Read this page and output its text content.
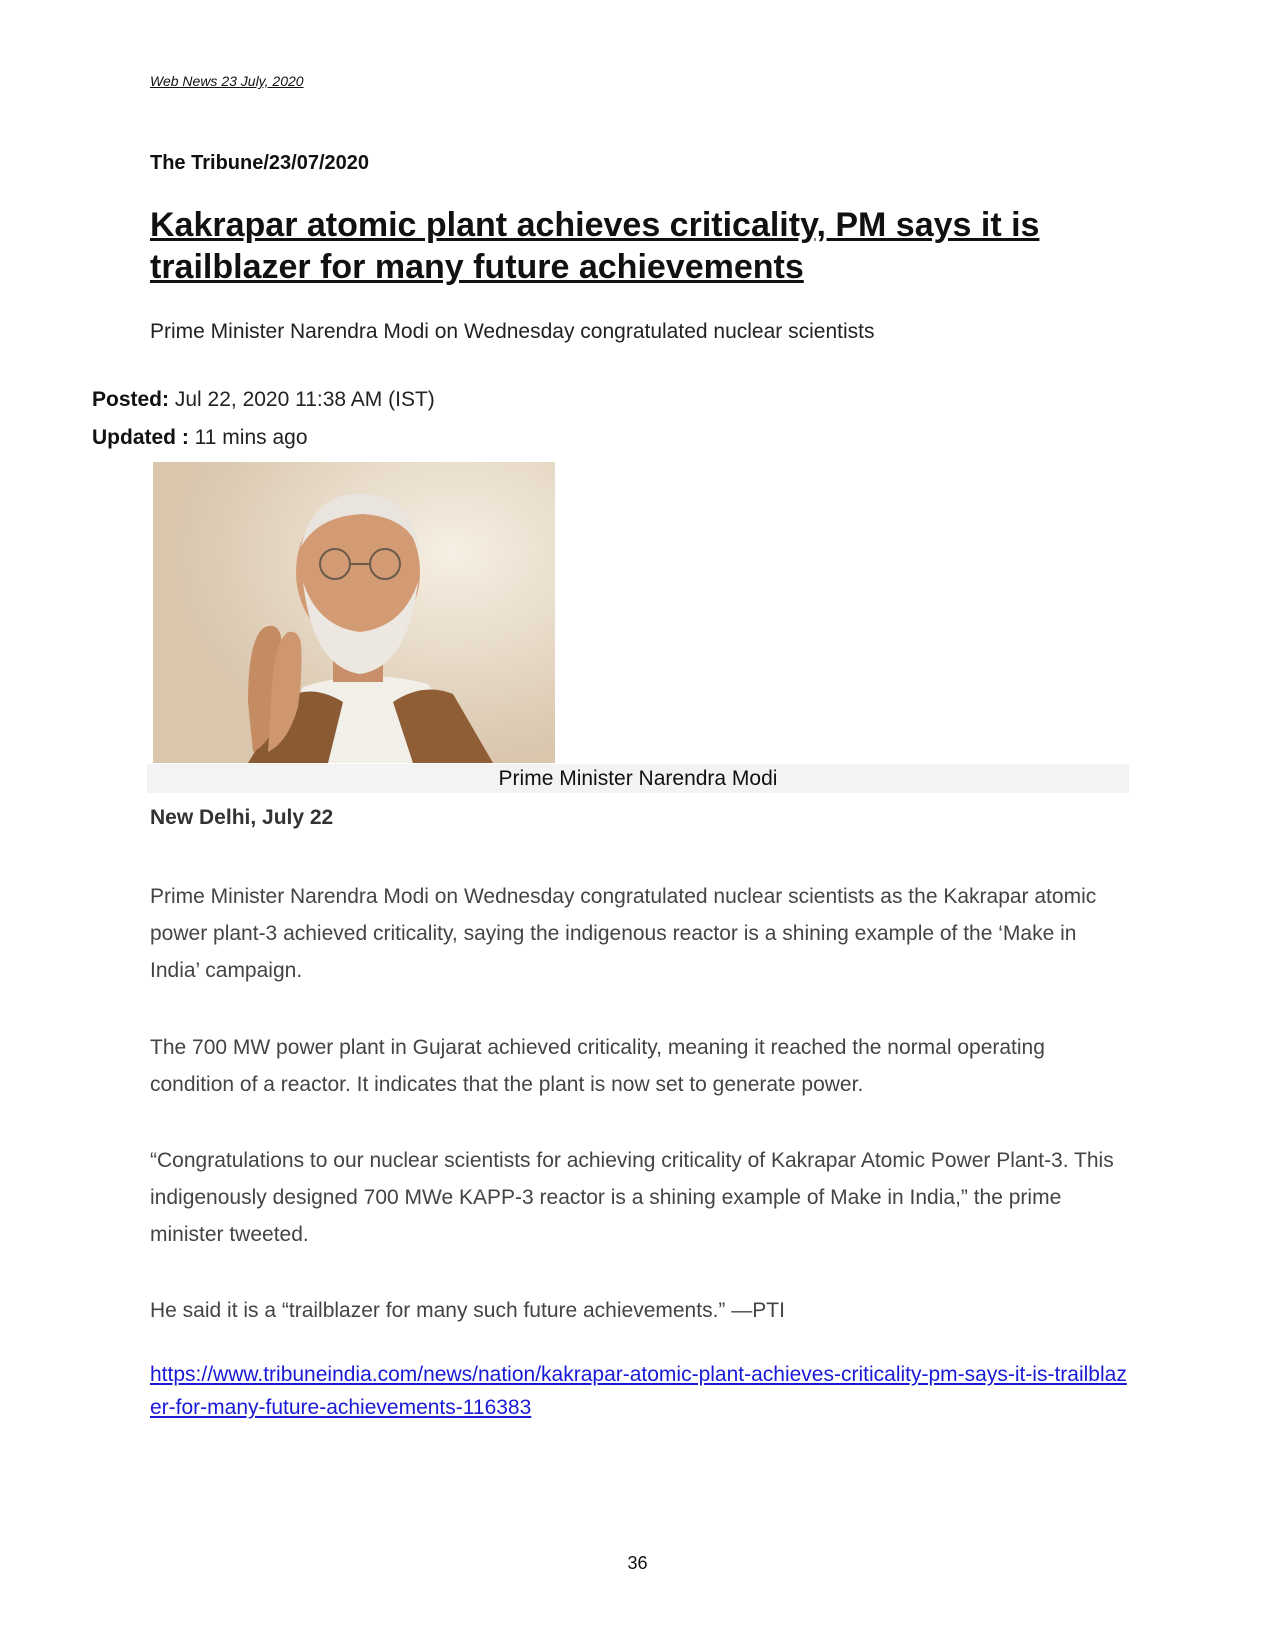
Web News 23 July, 2020
The Tribune/23/07/2020
Kakrapar atomic plant achieves criticality, PM says it is trailblazer for many future achievements
Prime Minister Narendra Modi on Wednesday congratulated nuclear scientists
Posted: Jul 22, 2020 11:38 AM (IST)
Updated : 11 mins ago
Prime Minister Narendra Modi
New Delhi, July 22

Prime Minister Narendra Modi on Wednesday congratulated nuclear scientists as the Kakrapar atomic power plant-3 achieved criticality, saying the indigenous reactor is a shining example of the ‘Make in India’ campaign.

The 700 MW power plant in Gujarat achieved criticality, meaning it reached the normal operating condition of a reactor. It indicates that the plant is now set to generate power.

“Congratulations to our nuclear scientists for achieving criticality of Kakrapar Atomic Power Plant-3. This indigenously designed 700 MWe KAPP-3 reactor is a shining example of Make in India,” the prime minister tweeted.

He said it is a “trailblazer for many such future achievements.” —PTI

https://www.tribuneindia.com/news/nation/kakrapar-atomic-plant-achieves-criticality-pm-says-it-is-trailblazer-for-many-future-achievements-116383
36
